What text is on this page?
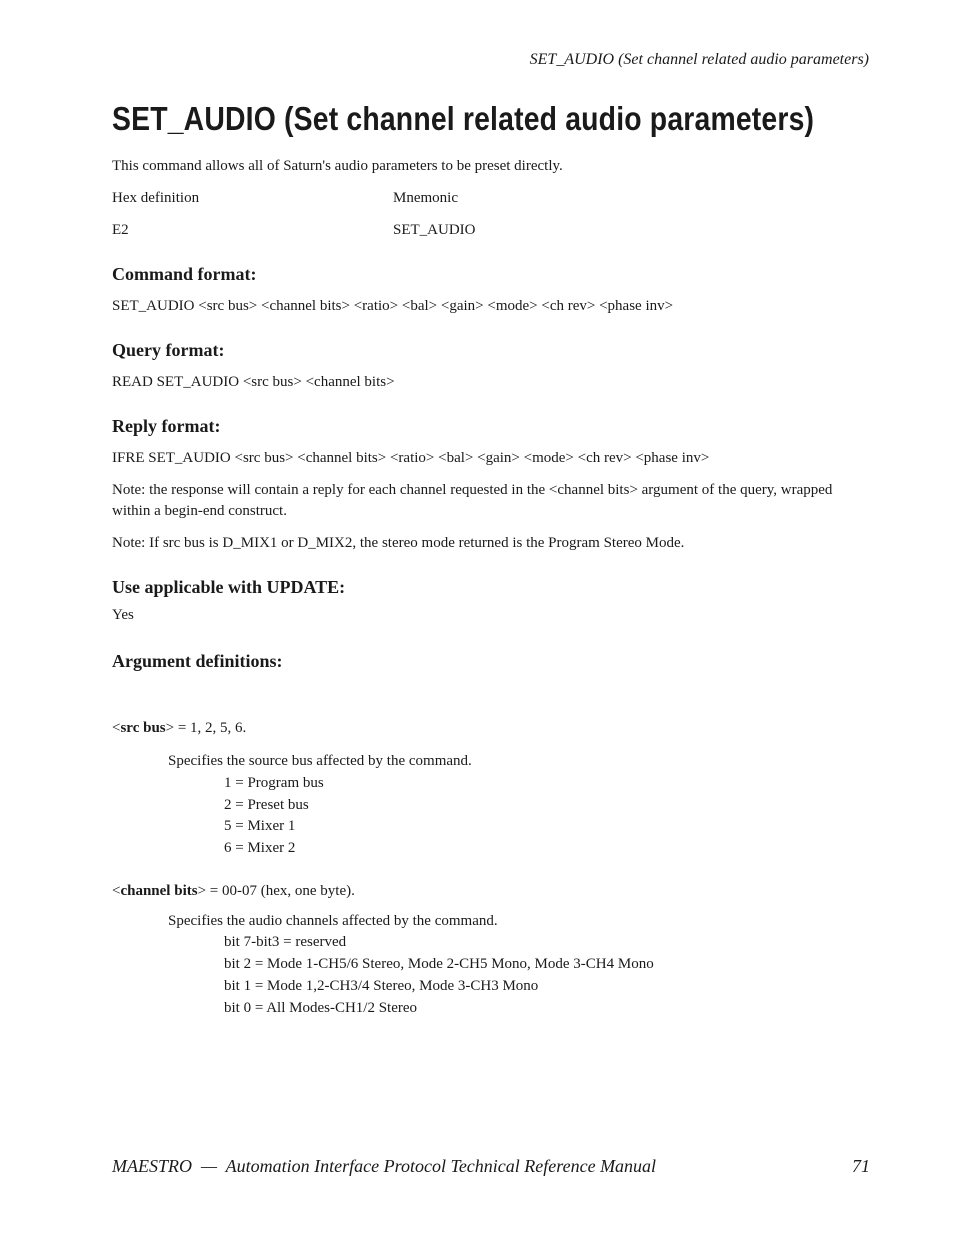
SET_AUDIO (Set channel related audio parameters)
SET_AUDIO (Set channel related audio parameters)
This command allows all of Saturn's audio parameters to be preset directly.
Hex definition	Mnemonic
E2	SET_AUDIO
Command format:
SET_AUDIO <src bus> <channel bits> <ratio> <bal> <gain> <mode> <ch rev> <phase inv>
Query format:
READ SET_AUDIO <src bus> <channel bits>
Reply format:
IFRE SET_AUDIO <src bus> <channel bits> <ratio> <bal> <gain> <mode> <ch rev> <phase inv>
Note: the response will contain a reply for each channel requested in the <channel bits> argument of the query, wrapped within a begin-end construct.
Note: If src bus is D_MIX1 or D_MIX2, the stereo mode returned is the Program Stereo Mode.
Use applicable with UPDATE:
Yes
Argument definitions:
<src bus> = 1, 2, 5, 6.
Specifies the source bus affected by the command.
1 = Program bus
2 = Preset bus
5 = Mixer 1
6 = Mixer 2
<channel bits> = 00-07 (hex, one byte).
Specifies the audio channels affected by the command.
bit 7-bit3 = reserved
bit 2 = Mode 1-CH5/6 Stereo, Mode 2-CH5 Mono, Mode 3-CH4 Mono
bit 1 = Mode 1,2-CH3/4 Stereo, Mode 3-CH3 Mono
bit 0 = All Modes-CH1/2 Stereo
MAESTRO  —  Automation Interface Protocol Technical Reference Manual	71
